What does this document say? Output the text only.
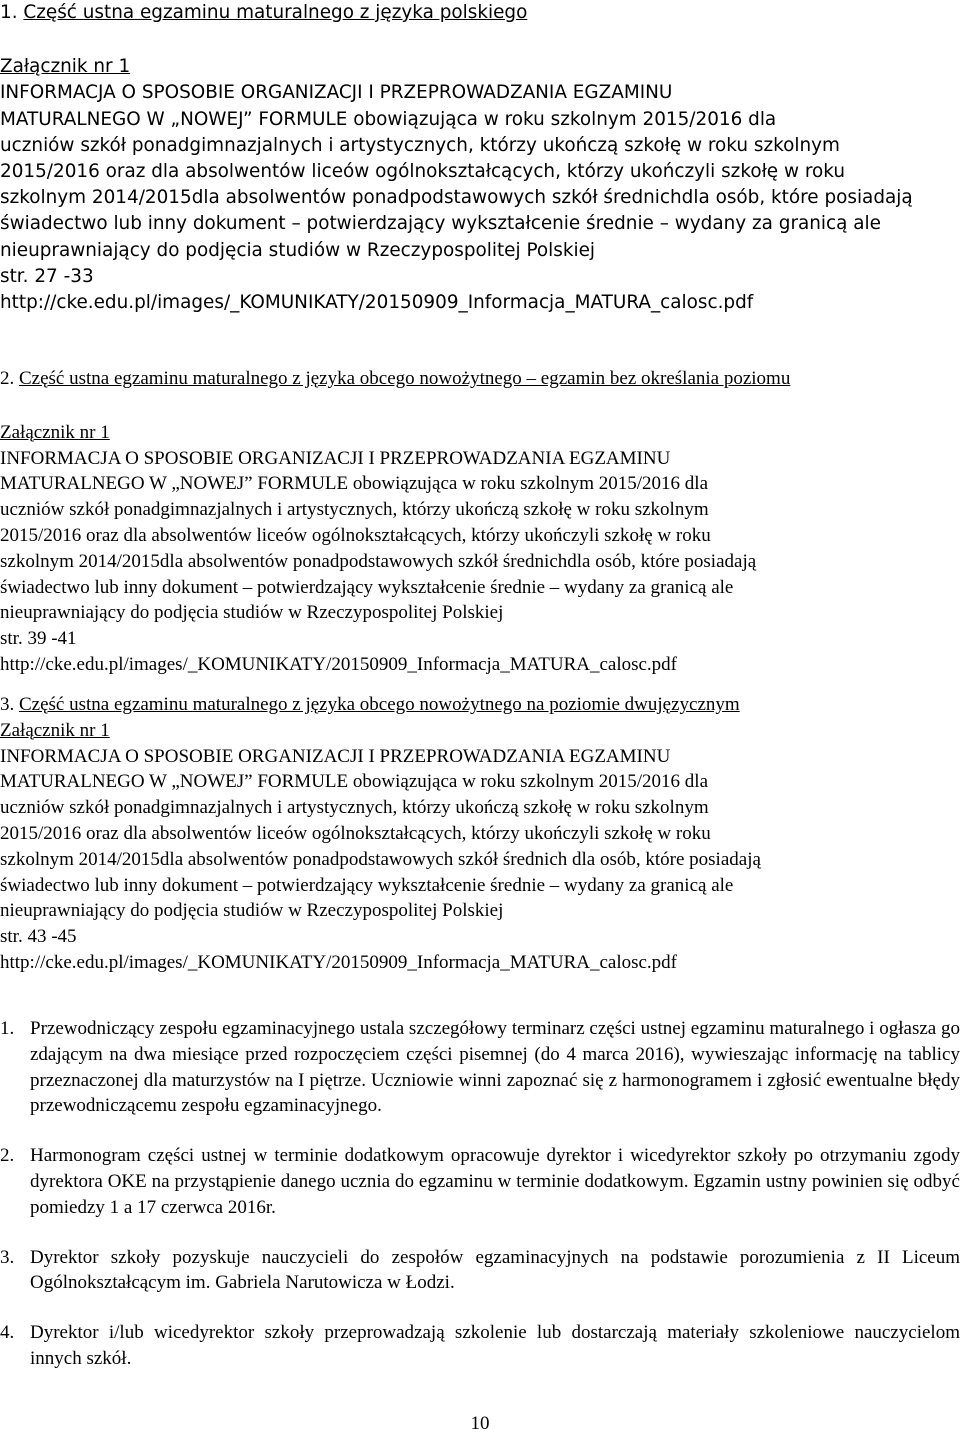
1. Część ustna egzaminu maturalnego z języka polskiego
Załącznik nr 1
INFORMACJA O SPOSOBIE ORGANIZACJI I PRZEPROWADZANIA EGZAMINU
MATURALNEGO W „NOWEJ” FORMULE obowiązująca w roku szkolnym 2015/2016 dla
uczniów szkół ponadgimnazjalnych i artystycznych, którzy ukończą szkołę w roku szkolnym
2015/2016 oraz dla absolwentów liceów ogólnokształcących, którzy ukończyli szkołę w roku
szkolnym 2014/2015dla absolwentów ponadpodstawowych szkół średnichdla osób, które posiadają
świadectwo lub inny dokument – potwierdzający wykształcenie średnie – wydany za granicą ale
nieuprawniający do podjęcia studiów w Rzeczypospolitej Polskiej
str. 27 -33
http://cke.edu.pl/images/_KOMUNIKATY/20150909_Informacja_MATURA_calosc.pdf
2. Część ustna egzaminu maturalnego z języka obcego nowożytnego – egzamin bez określania poziomu
Załącznik nr 1
INFORMACJA O SPOSOBIE ORGANIZACJI I PRZEPROWADZANIA EGZAMINU
MATURALNEGO W „NOWEJ” FORMULE obowiązująca w roku szkolnym 2015/2016 dla
uczniów szkół ponadgimnazjalnych i artystycznych, którzy ukończą szkołę w roku szkolnym
2015/2016 oraz dla absolwentów liceów ogólnokształcących, którzy ukończyli szkołę w roku
szkolnym 2014/2015dla absolwentów ponadpodstawowych szkół średnichdla osób, które posiadają
świadectwo lub inny dokument – potwierdzający wykształcenie średnie – wydany za granicą ale
nieuprawniający do podjęcia studiów w Rzeczypospolitej Polskiej
str. 39 -41
http://cke.edu.pl/images/_KOMUNIKATY/20150909_Informacja_MATURA_calosc.pdf
3. Część ustna egzaminu maturalnego z języka obcego nowożytnego na poziomie dwujęzycznym
Załącznik nr 1
INFORMACJA O SPOSOBIE ORGANIZACJI I PRZEPROWADZANIA EGZAMINU
MATURALNEGO W „NOWEJ” FORMULE obowiązująca w roku szkolnym 2015/2016 dla
uczniów szkół ponadgimnazjalnych i artystycznych, którzy ukończą szkołę w roku szkolnym
2015/2016 oraz dla absolwentów liceów ogólnokształcących, którzy ukończyli szkołę w roku
szkolnym 2014/2015dla absolwentów ponadpodstawowych szkół średnich dla osób, które posiadają
świadectwo lub inny dokument – potwierdzający wykształcenie średnie – wydany za granicą ale
nieuprawniający do podjęcia studiów w Rzeczypospolitej Polskiej
str. 43 -45
http://cke.edu.pl/images/_KOMUNIKATY/20150909_Informacja_MATURA_calosc.pdf
1. Przewodniczący zespołu egzaminacyjnego ustala szczegółowy terminarz części ustnej egzaminu maturalnego i ogłasza go zdającym na dwa miesiące przed rozpoczęciem części pisemnej (do 4 marca 2016), wywieszając informację na tablicy przeznaczonej dla maturzystów na I piętrze. Uczniowie winni zapoznać się z harmonogramem i zgłosić ewentualne błędy przewodniczącemu zespołu egzaminacyjnego.
2. Harmonogram części ustnej w terminie dodatkowym opracowuje dyrektor i wicedyrektor szkoły po otrzymaniu zgody dyrektora OKE na przystąpienie danego ucznia do egzaminu w terminie dodatkowym. Egzamin ustny powinien się odbyć pomiedzy 1 a 17 czerwca 2016r.
3. Dyrektor szkoły pozyskuje nauczycieli do zespołów egzaminacyjnych na podstawie porozumienia z II Liceum Ogólnokształcącym im. Gabriela Narutowicza w Łodzi.
4. Dyrektor i/lub wicedyrektor szkoły przeprowadzają szkolenie lub dostarczają materiały szkoleniowe nauczycielom innych szkół.
10
